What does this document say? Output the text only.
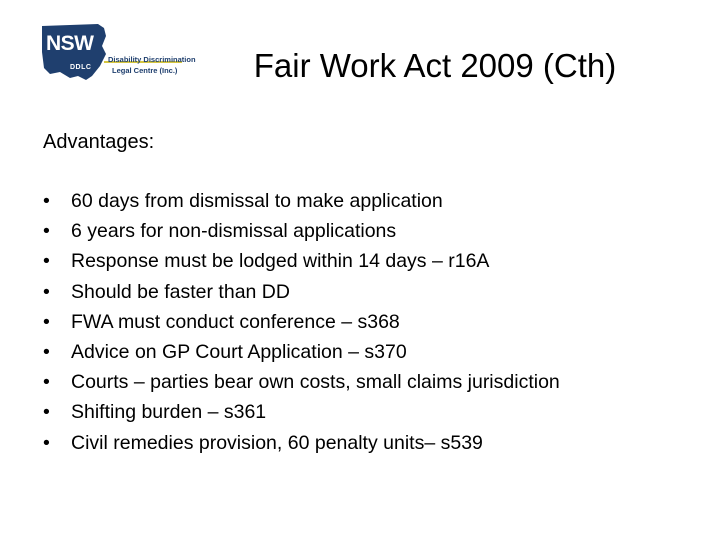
NSW
DDLC
Disability Discrimination
Legal Centre (Inc.)	Fair Work Act 2009 (Cth)
Advantages:
• 60 days from dismissal to make application
• 6 years for non-dismissal applications
• Response must be lodged within 14 days – r16A
• Should be faster than DD
• FWA must conduct conference – s368
• Advice on GP Court Application – s370
• Courts – parties bear own costs, small claims jurisdiction
• Shifting burden – s361
• Civil remedies provision, 60 penalty units– s539
